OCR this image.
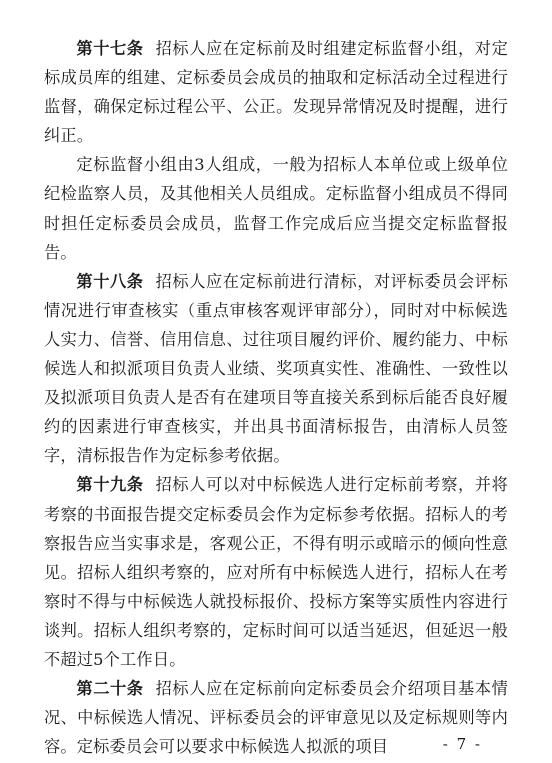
第十七条 招标人应在定标前及时组建定标监督小组，对定标成员库的组建、定标委员会成员的抽取和定标活动全过程进行监督，确保定标过程公平、公正。发现异常情况及时提醒，进行纠正。

定标监督小组由3人组成，一般为招标人本单位或上级单位纪检监察人员，及其他相关人员组成。定标监督小组成员不得同时担任定标委员会成员，监督工作完成后应当提交定标监督报告。

第十八条 招标人应在定标前进行清标，对评标委员会评标情况进行审查核实（重点审核客观评审部分），同时对中标候选人实力、信誉、信用信息、过往项目履约评价、履约能力、中标候选人和拟派项目负责人业绩、奖项真实性、准确性、一致性以及拟派项目负责人是否有在建项目等直接关系到标后能否良好履约的因素进行审查核实，并出具书面清标报告，由清标人员签字，清标报告作为定标参考依据。

第十九条 招标人可以对中标候选人进行定标前考察，并将考察的书面报告提交定标委员会作为定标参考依据。招标人的考察报告应当实事求是，客观公正，不得有明示或暗示的倾向性意见。招标人组织考察的，应对所有中标候选人进行，招标人在考察时不得与中标候选人就投标报价、投标方案等实质性内容进行谈判。招标人组织考察的，定标时间可以适当延迟，但延迟一般不超过5个工作日。

第二十条 招标人应在定标前向定标委员会介绍项目基本情况、中标候选人情况、评标委员会的评审意见以及定标规则等内容。定标委员会可以要求中标候选人拟派的项目	- 7 -
